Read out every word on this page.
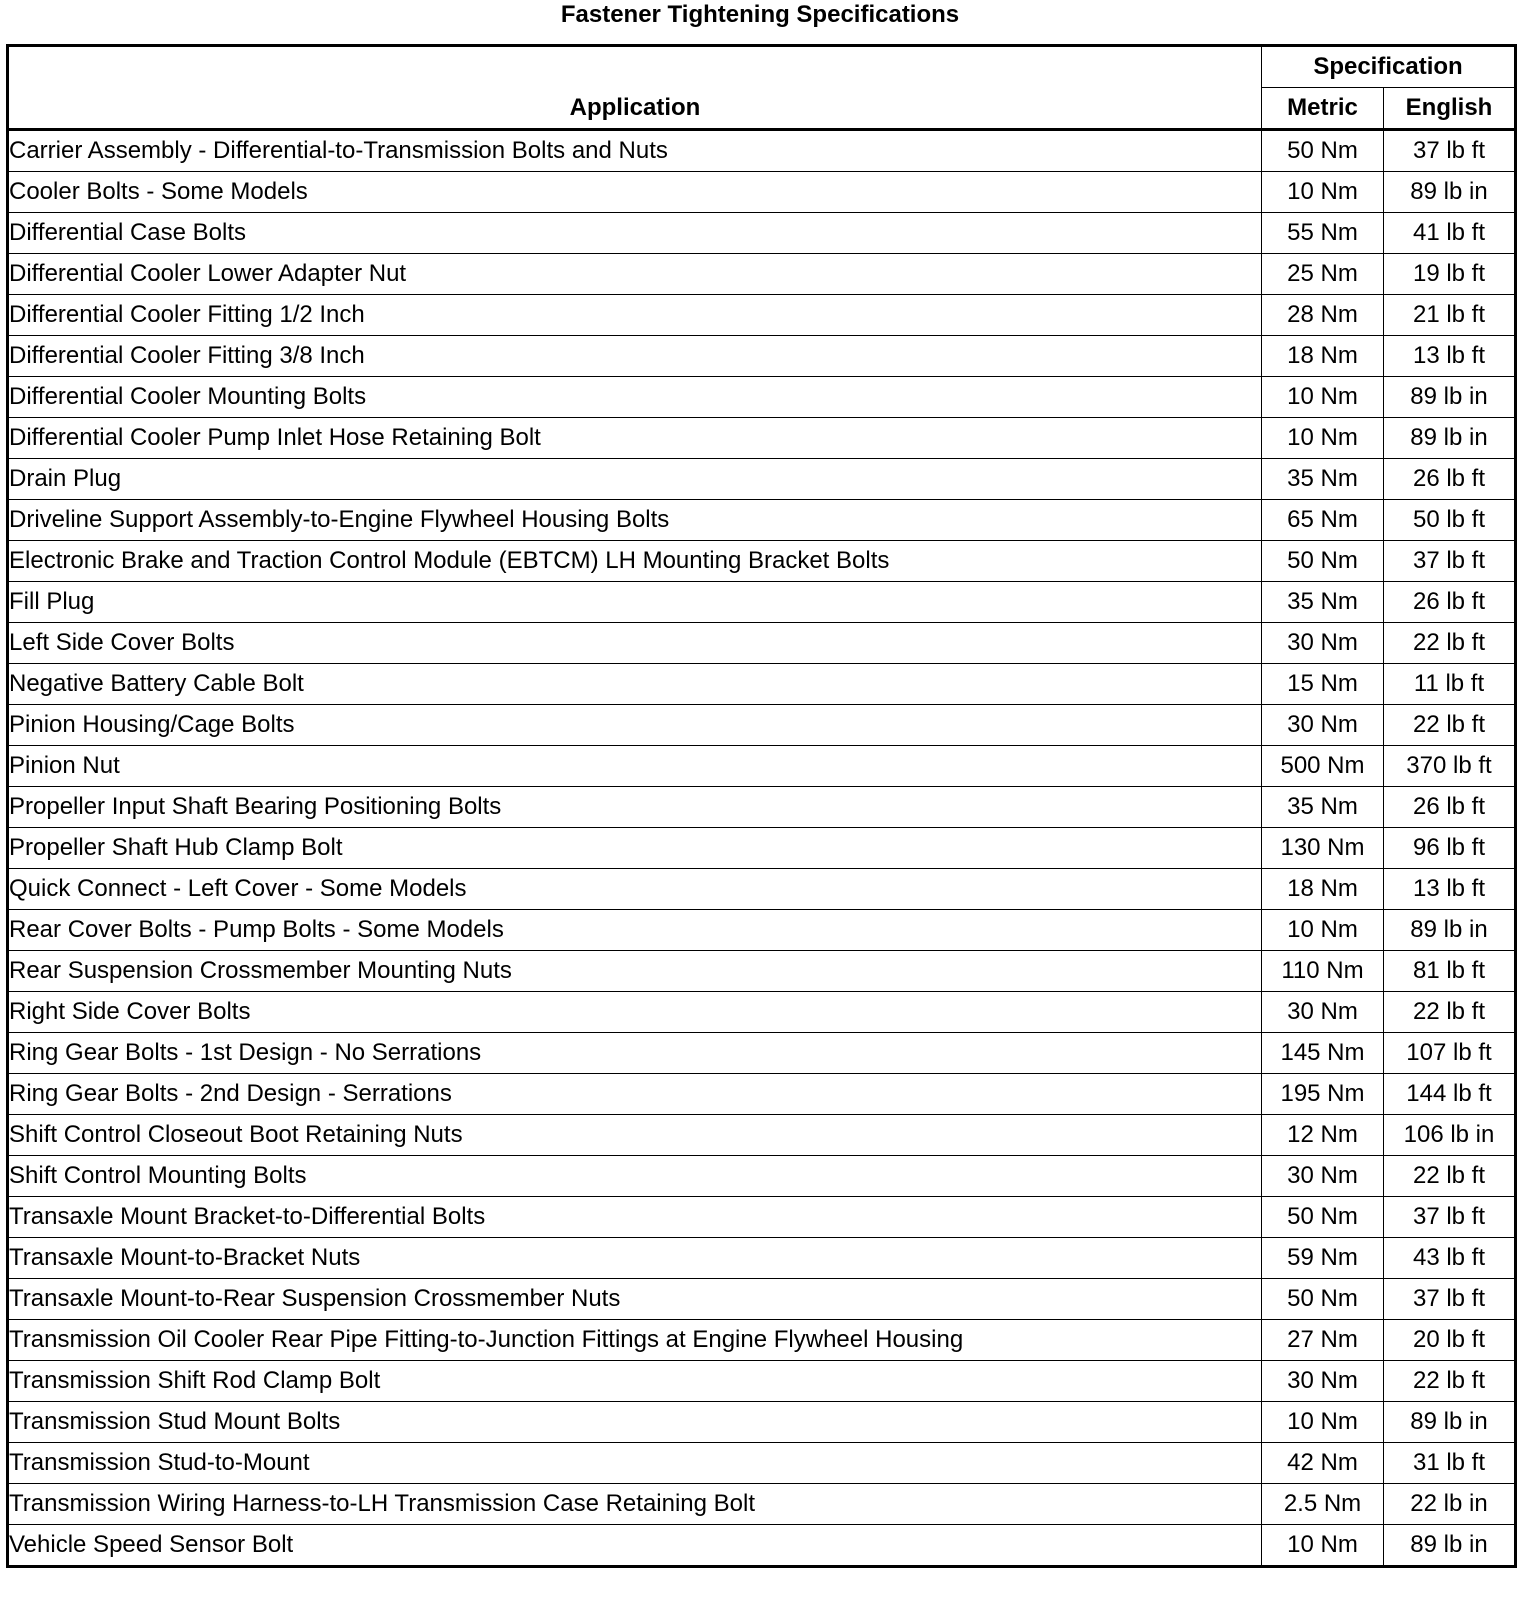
Fastener Tightening Specifications
Application	Specification	
	Metric	English
Carrier Assembly - Differential-to-Transmission Bolts and Nuts	50 Nm	37 lb ft
Cooler Bolts - Some Models	10 Nm	89 lb in
Differential Case Bolts	55 Nm	41 lb ft
Differential Cooler Lower Adapter Nut	25 Nm	19 lb ft
Differential Cooler Fitting 1/2 Inch	28 Nm	21 lb ft
Differential Cooler Fitting 3/8 Inch	18 Nm	13 lb ft
Differential Cooler Mounting Bolts	10 Nm	89 lb in
Differential Cooler Pump Inlet Hose Retaining Bolt	10 Nm	89 lb in
Drain Plug	35 Nm	26 lb ft
Driveline Support Assembly-to-Engine Flywheel Housing Bolts	65 Nm	50 lb ft
Electronic Brake and Traction Control Module (EBTCM) LH Mounting Bracket Bolts	50 Nm	37 lb ft
Fill Plug	35 Nm	26 lb ft
Left Side Cover Bolts	30 Nm	22 lb ft
Negative Battery Cable Bolt	15 Nm	11 lb ft
Pinion Housing/Cage Bolts	30 Nm	22 lb ft
Pinion Nut	500 Nm	370 lb ft
Propeller Input Shaft Bearing Positioning Bolts	35 Nm	26 lb ft
Propeller Shaft Hub Clamp Bolt	130 Nm	96 lb ft
Quick Connect - Left Cover - Some Models	18 Nm	13 lb ft
Rear Cover Bolts - Pump Bolts - Some Models	10 Nm	89 lb in
Rear Suspension Crossmember Mounting Nuts	110 Nm	81 lb ft
Right Side Cover Bolts	30 Nm	22 lb ft
Ring Gear Bolts - 1st Design - No Serrations	145 Nm	107 lb ft
Ring Gear Bolts - 2nd Design - Serrations	195 Nm	144 lb ft
Shift Control Closeout Boot Retaining Nuts	12 Nm	106 lb in
Shift Control Mounting Bolts	30 Nm	22 lb ft
Transaxle Mount Bracket-to-Differential Bolts	50 Nm	37 lb ft
Transaxle Mount-to-Bracket Nuts	59 Nm	43 lb ft
Transaxle Mount-to-Rear Suspension Crossmember Nuts	50 Nm	37 lb ft
Transmission Oil Cooler Rear Pipe Fitting-to-Junction Fittings at Engine Flywheel Housing	27 Nm	20 lb ft
Transmission Shift Rod Clamp Bolt	30 Nm	22 lb ft
Transmission Stud Mount Bolts	10 Nm	89 lb in
Transmission Stud-to-Mount	42 Nm	31 lb ft
Transmission Wiring Harness-to-LH Transmission Case Retaining Bolt	2.5 Nm	22 lb in
Vehicle Speed Sensor Bolt	10 Nm	89 lb in
